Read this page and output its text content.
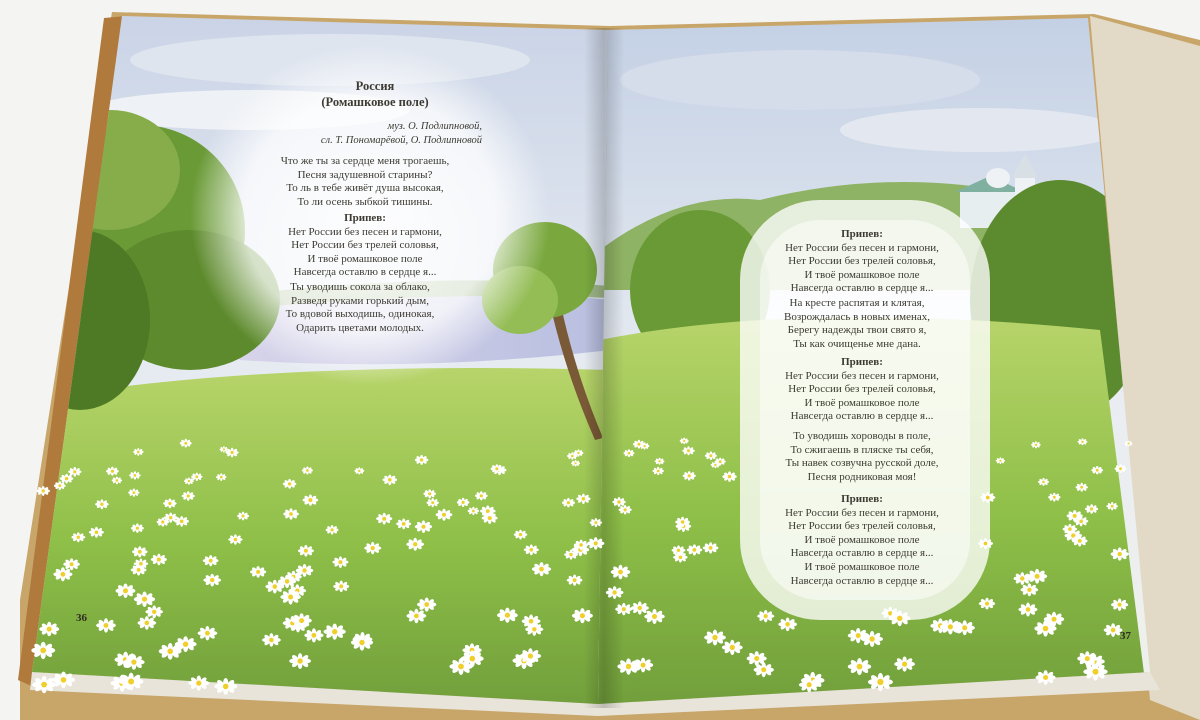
Россия
(Ромашковое поле)
муз. О. Подлипновой,
сл. Т. Пономарёвой, О. Подлипновой
Что же ты за сердце меня трогаешь,
Песня задушевной старины?
То ль в тебе живёт душа высокая,
То ли осень зыбкой тишины.
Припев:
Нет России без песен и гармони,
Нет России без трелей соловья,
И твоё ромашковое поле
Навсегда оставлю в сердце я...
Ты уводишь сокола за облако,
Разведя руками горький дым,
То вдовой выходишь, одинокая,
Одарить цветами молодых.
36
Припев:
Нет России без песен и гармони,
Нет России без трелей соловья,
И твоё ромашковое поле
Навсегда оставлю в сердце я...
На кресте распятая и клятая,
Возрождалась в новых именах,
Берегу надежды твои свято я,
Ты как очищенье мне дана.
Припев:
Нет России без песен и гармони,
Нет России без трелей соловья,
И твоё ромашковое поле
Навсегда оставлю в сердце я...
То уводишь хороводы в поле,
То сжигаешь в пляске ты себя,
Ты навек созвучна русской доле,
Песня родниковая моя!
Припев:
Нет России без песен и гармони,
Нет России без трелей соловья,
И твоё ромашковое поле
Навсегда оставлю в сердце я...
И твоё ромашковое поле
Навсегда оставлю в сердце я...
37
